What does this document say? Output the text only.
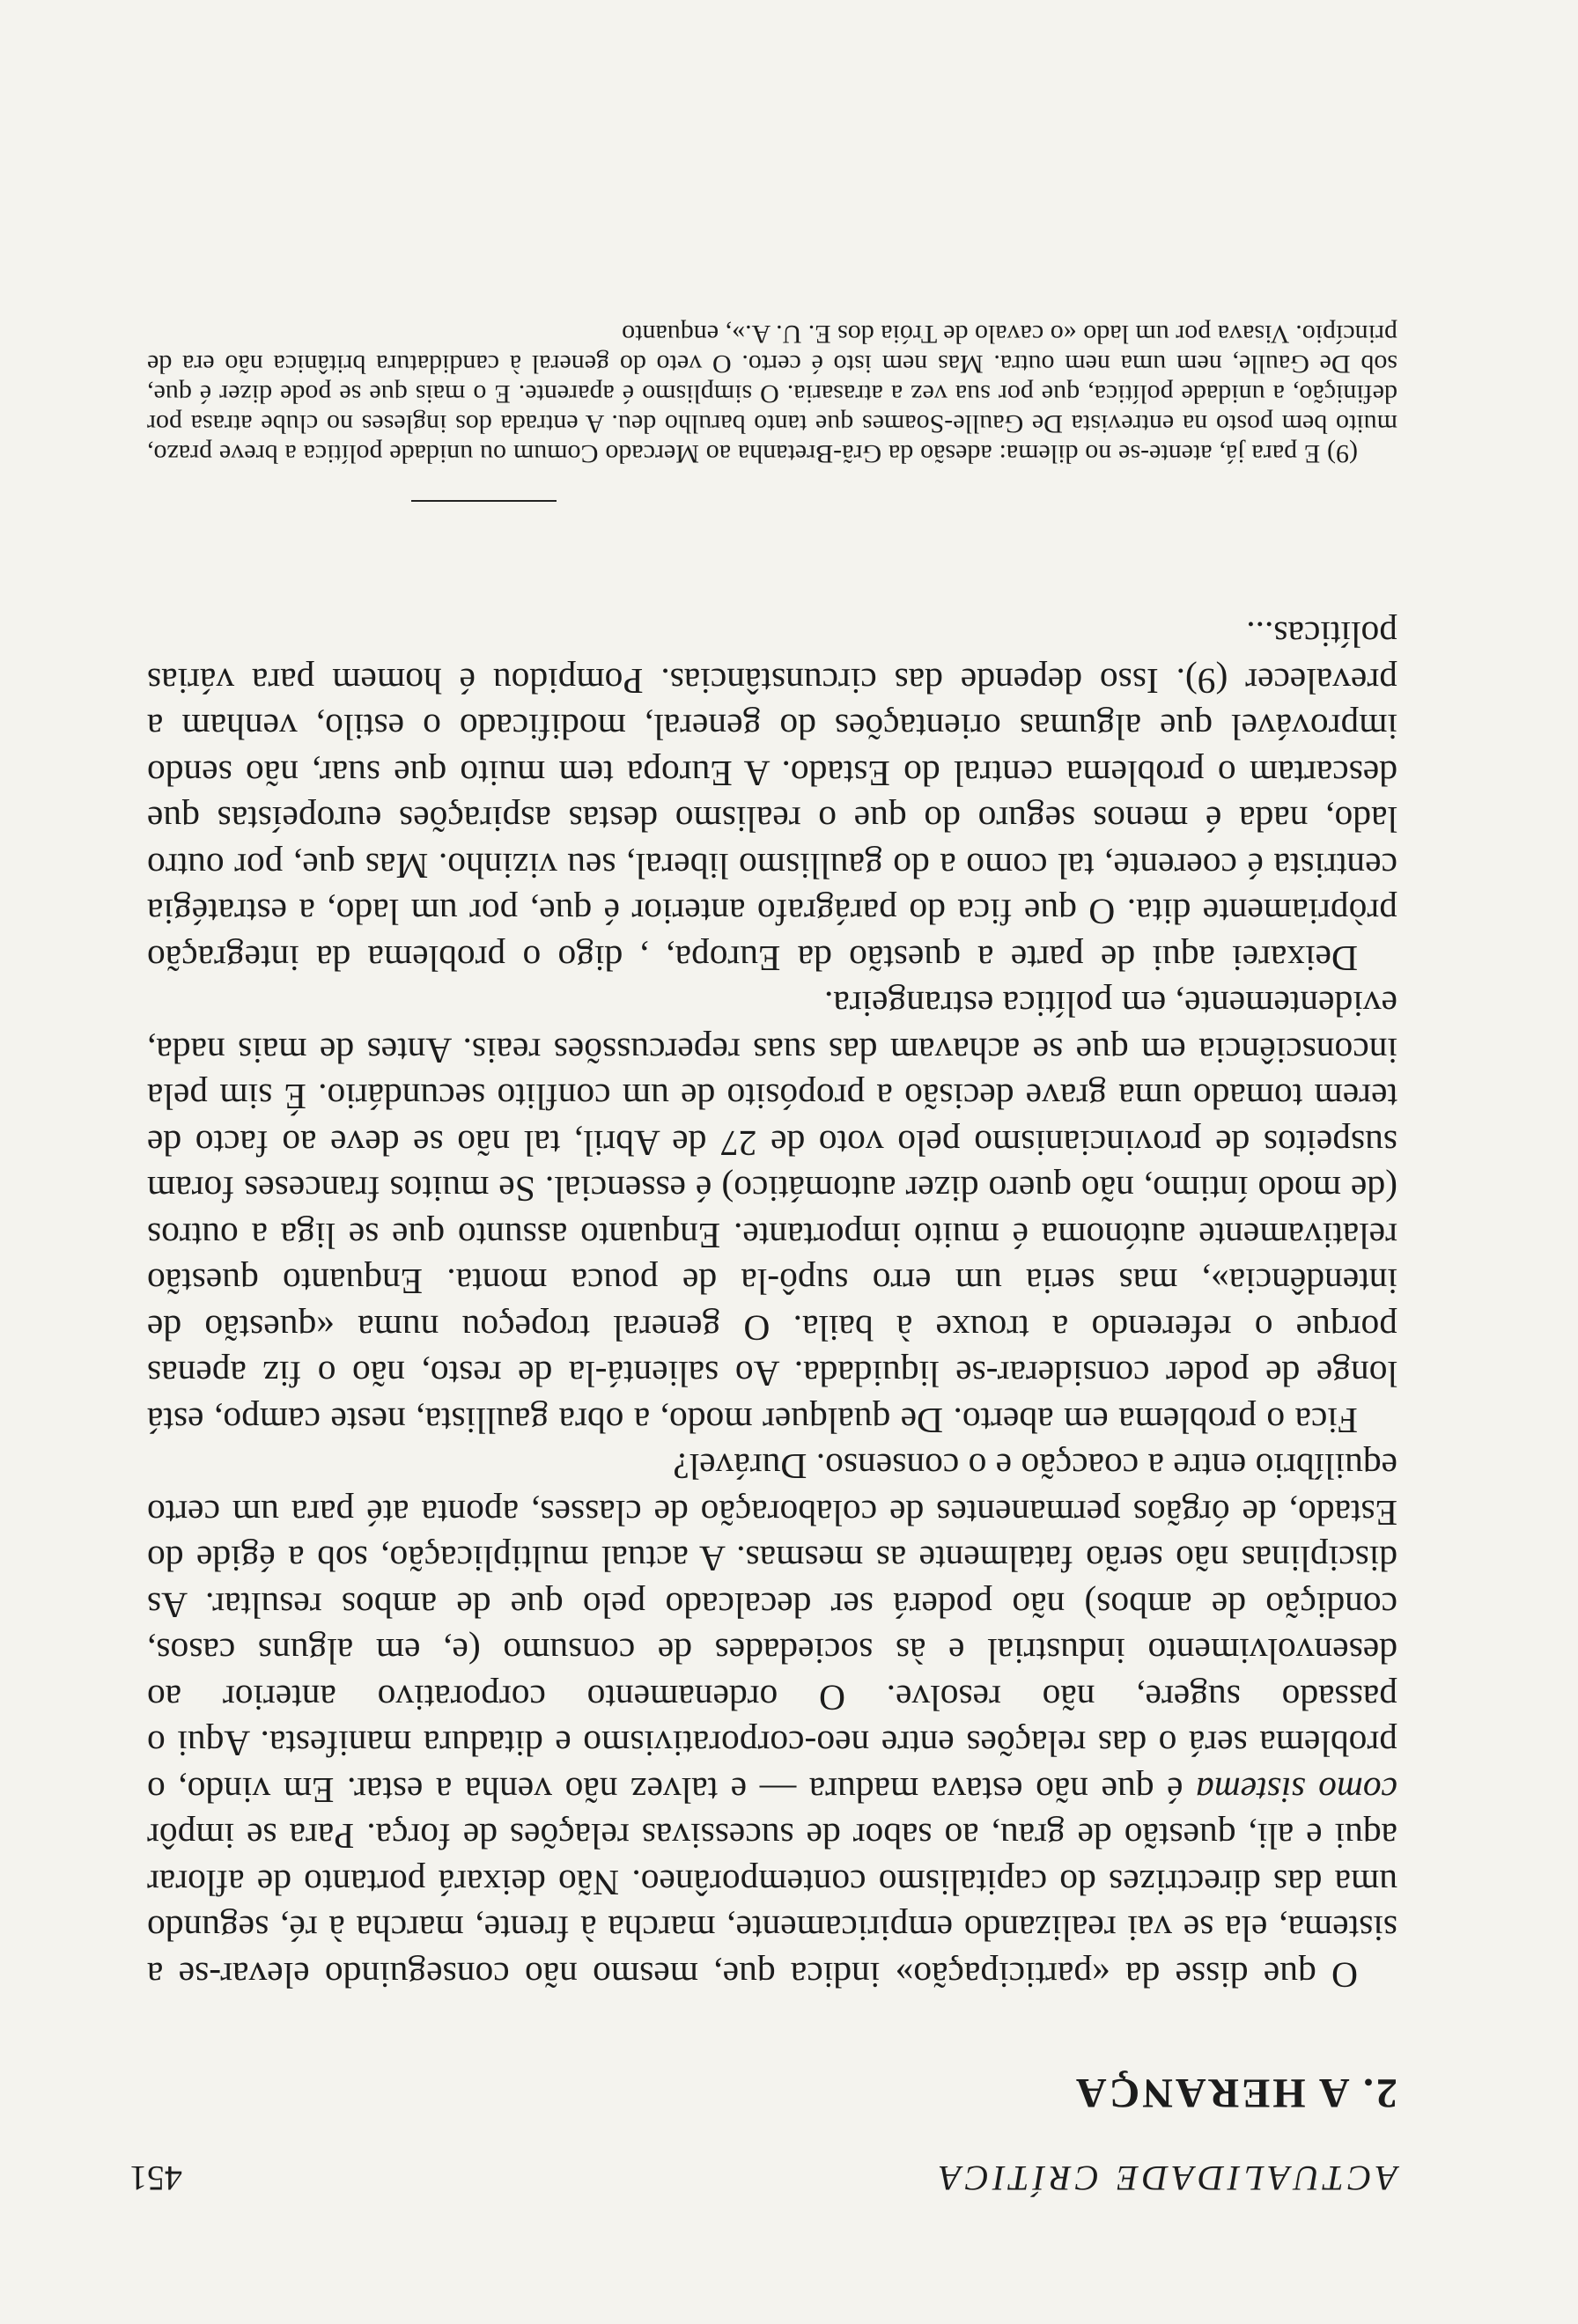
ACTUALIDADE CRÍTICA
451
2. A HERANÇA

O que disse da «participação» indica que, mesmo não conseguindo elevar-se a sistema, ela se vai realizando empiricamente, marcha à frente, marcha à ré, segundo uma das directrizes do capitalismo contemporâneo. Não deixará portanto de aflorar aqui e ali, questão de grau, ao sabor de sucessivas relações de força. Para se impôr como sistema é que não estava madura — e talvez não venha a estar. Em vindo, o problema será o das relações entre neo-corporativismo e ditadura manifesta. Aqui o passado sugere, não resolve. O ordenamento corporativo anterior ao desenvolvimento industrial e às sociedades de consumo (e, em alguns casos, condição de ambos) não poderá ser decalcado pelo que de ambos resultar. As disciplinas não serão fatalmente as mesmas. A actual multiplicação, sob a égide do Estado, de órgãos permanentes de colaboração de classes, aponta até para um certo equilíbrio entre a coacção e o consenso. Durável?

Fica o problema em aberto. De qualquer modo, a obra gaullista, neste campo, está longe de poder considerar-se liquidada. Ao salientá-la de resto, não o fiz apenas porque o referendo a trouxe à baila. O general tropeçou numa «questão de intendência», mas seria um erro supô-la de pouca monta. Enquanto questão relativamente autónoma é muito importante. Enquanto assunto que se liga a outros (de modo íntimo, não quero dizer automático) é essencial. Se muitos franceses foram suspeitos de provincianismo pelo voto de 27 de Abril, tal não se deve ao facto de terem tomado uma grave decisão a propósito de um conflito secundário. É sim pela inconsciência em que se achavam das suas repercussões reais. Antes de mais nada, evidentemente, em política estrangeira.

Deixarei aqui de parte a questão da Europa, , digo o problema da integração pròpriamente dita. O que fica do parágrafo anterior é que, por um lado, a estratégia centrista é coerente, tal como a do gaullismo liberal, seu vizinho. Mas que, por outro lado, nada é menos seguro do que o realismo destas aspirações europeístas que descartam o problema central do Estado. A Europa tem muito que suar, não sendo improvável que algumas orientações do general, modificado o estilo, venham a prevalecer (9). Isso depende das circunstâncias. Pompidou é homem para várias políticas...

(9) E para já, atente-se no dilema: adesão da Grã-Bretanha ao Mercado Comum ou unidade política a breve prazo, muito bem posto na entrevista De Gaulle-Soames que tanto barulho deu. A entrada dos ingleses no clube atrasa por definição, a unidade política, que por sua vez a atrasaria. O simplismo é aparente. E o mais que se pode dizer é que, sob De Gaulle, nem uma nem outra. Mas nem isto é certo. O veto do general à candidatura britânica não era de princípio. Visava por um lado «o cavalo de Tróia dos E. U. A.», enquanto
